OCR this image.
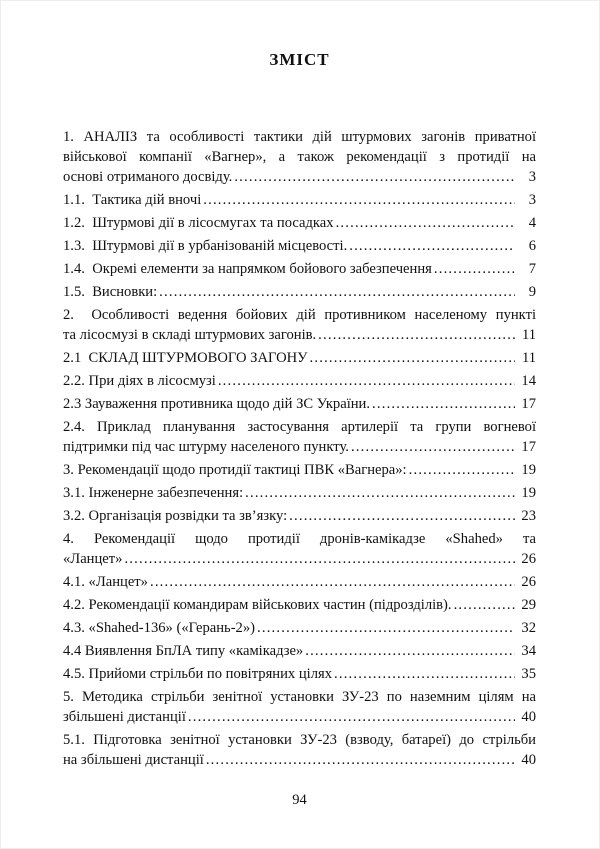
ЗМІСТ
1. АНАЛІЗ та особливості тактики дій штурмових загонів приватної
військової компанії «Вагнер», а також рекомендації з протидії на
основі отриманого досвіду. .....	3
1.1.  Тактика дій вночі .....	3
1.2.  Штурмові дії в лісосмугах та посадках .....	4
1.3.  Штурмові дії в урбанізованій місцевості. .....	6
1.4.  Окремі елементи за напрямком бойового забезпечення .....	7
1.5.  Висновки: .....	9
2.  Особливості ведення бойових дій противником населеному пункті
та лісосмузі в складі штурмових загонів. .....	11
2.1  СКЛАД ШТУРМОВОГО ЗАГОНУ .....	11
2.2. При діях в лісосмузі .....	14
2.3 Зауваження противника щодо дій ЗС України. .....	17
2.4. Приклад планування застосування артилерії та групи вогневої
підтримки під час штурму населеного пункту. .....	17
3. Рекомендації щодо протидії тактиці ПВК «Вагнера»: .....	19
3.1. Інженерне забезпечення: .....	19
3.2. Організація розвідки та зв’язку: .....	23
4. Рекомендації щодо протидії дронів-камікадзе «Shahed» та
«Ланцет» .....	26
4.1. «Ланцет» .....	26
4.2. Рекомендації командирам військових частин (підрозділів). .....	29
4.3. «Shahed-136» («Герань-2») .....	32
4.4 Виявлення БпЛА типу «камікадзе» .....	34
4.5. Прийоми стрільби по повітряних цілях .....	35
5. Методика стрільби зенітної установки ЗУ-23 по наземним цілям на
збільшені дистанції .....	40
5.1. Підготовка зенітної установки ЗУ-23 (взводу, батареї) до стрільби
на збільшені дистанції .....	40
94
